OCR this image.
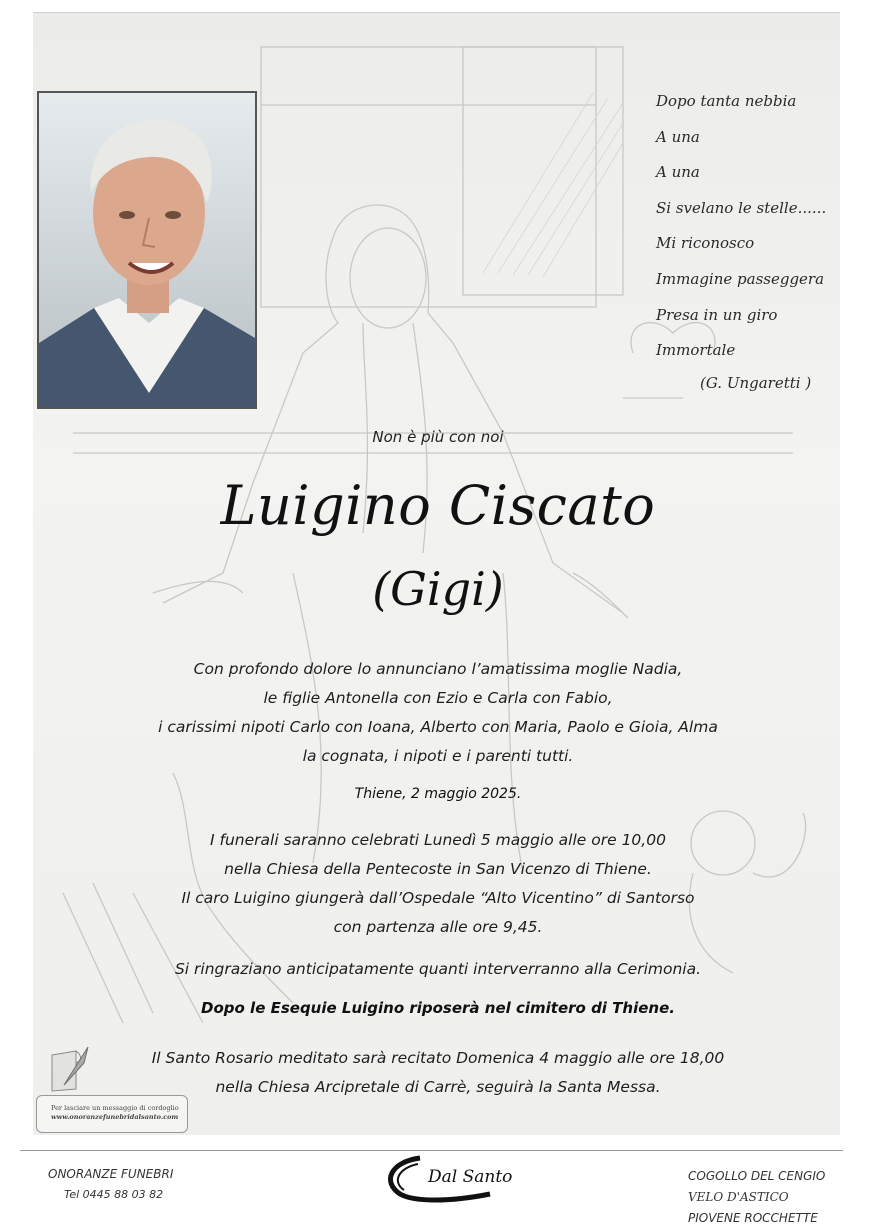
Dopo tanta nebbia
A una
A una
Si svelano le stelle......
Mi riconosco
Immagine passeggera
Presa in un giro
Immortale
(G. Ungaretti )
Non è più con noi
Luigino Ciscato
(Gigi)
Con profondo dolore lo annunciano l’amatissima moglie Nadia,
le figlie Antonella con Ezio e Carla con Fabio,
i carissimi nipoti Carlo con Ioana, Alberto con Maria, Paolo e Gioia, Alma
la cognata, i nipoti e i parenti tutti.
Thiene, 2 maggio 2025.
I funerali saranno celebrati Lunedì 5 maggio alle ore 10,00
nella Chiesa della Pentecoste in San Vicenzo di Thiene.
Il caro Luigino giungerà dall’Ospedale “Alto Vicentino” di Santorso
con partenza alle ore 9,45.
Si ringraziano anticipatamente quanti interverranno alla Cerimonia.
Dopo le Esequie Luigino riposerà nel cimitero di Thiene.
Il Santo Rosario meditato sarà recitato Domenica 4 maggio alle ore 18,00
nella Chiesa Arcipretale di Carrè, seguirà la Santa Messa.
Per lasciare un messaggio di cordoglio
www.onoranzefunebridalsanto.com
ONORANZE FUNEBRI
Tel 0445 88 03 82
Dal Santo	COGOLLO DEL CENGIO
VELO D'ASTICO
PIOVENE ROCCHETTE
